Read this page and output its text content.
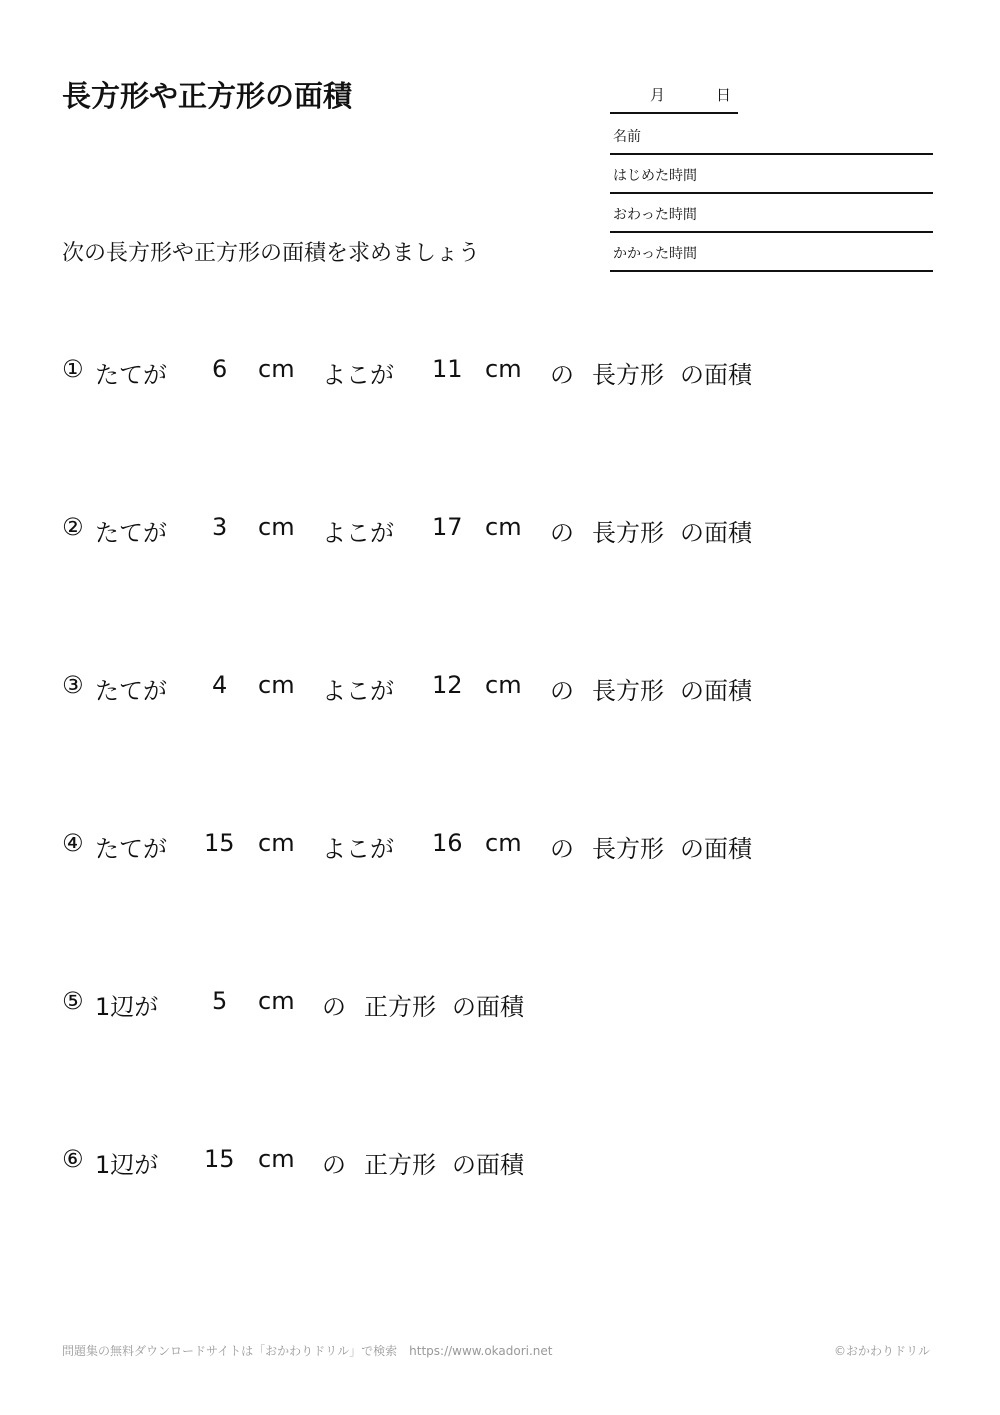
長方形や正方形の面積	月	日
名前
はじめた時間
おわった時間
かかった時間
次の長方形や正方形の面積を求めましょう
① たてが 6 cm よこが 11 cm の 長方形 の面積
② たてが 3 cm よこが 17 cm の 長方形 の面積
③ たてが 4 cm よこが 12 cm の 長方形 の面積
④ たてが 15 cm よこが 16 cm の 長方形 の面積
⑤ 1辺が 5 cm の 正方形 の面積
⑥ 1辺が 15 cm の 正方形 の面積
問題集の無料ダウンロードサイトは「おかわりドリル」で検索　https://www.okadori.net	©おかわりドリル
